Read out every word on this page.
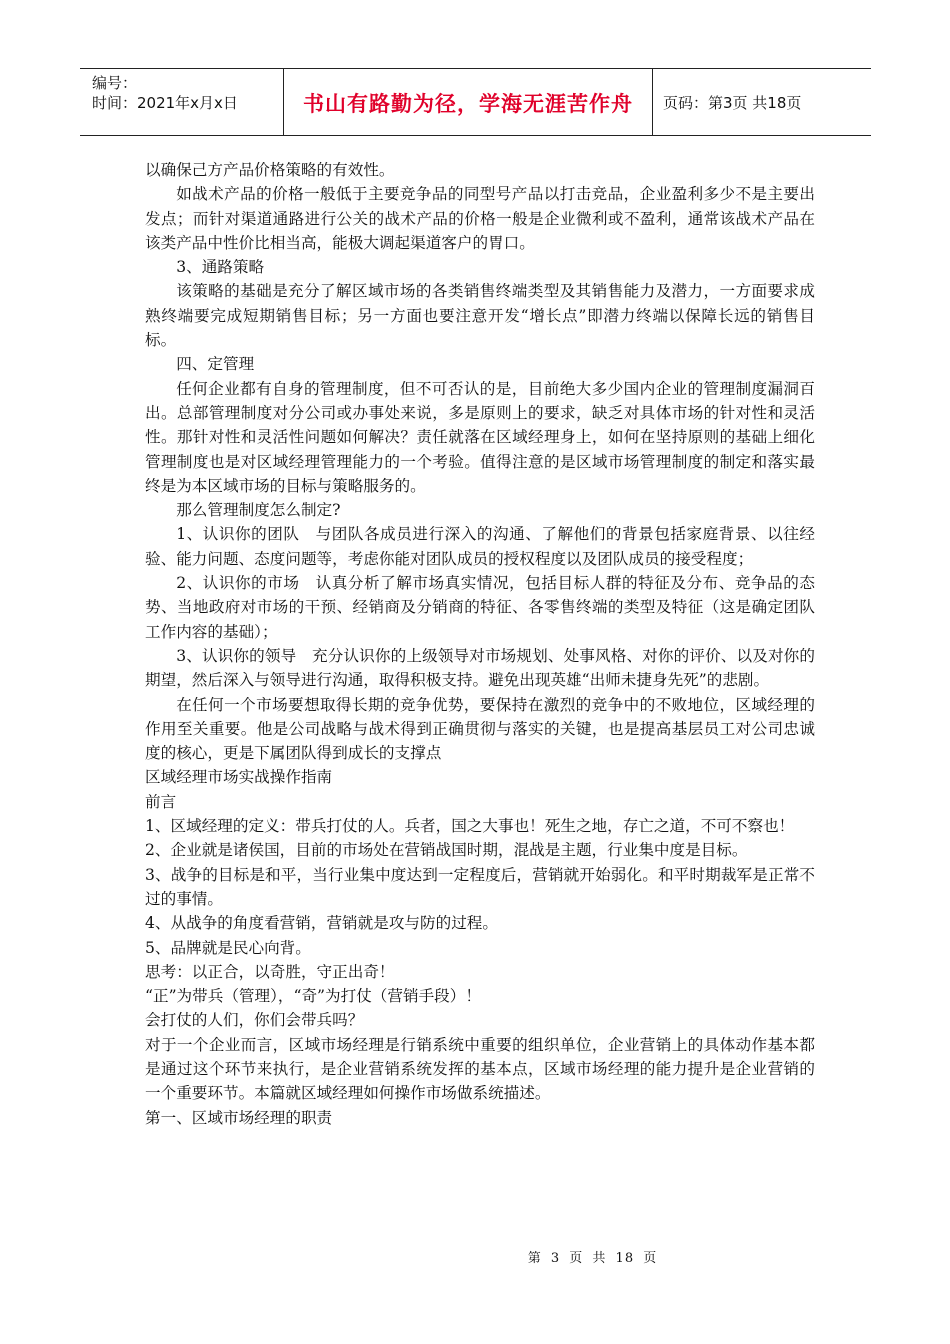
编号：
时间：2021年x月x日	书山有路勤为径，学海无涯苦作舟	页码：第3页 共18页

以确保己方产品价格策略的有效性。

如战术产品的价格一般低于主要竞争品的同型号产品以打击竞品，企业盈利多少不是主要出发点；而针对渠道通路进行公关的战术产品的价格一般是企业微利或不盈利，通常该战术产品在该类产品中性价比相当高，能极大调起渠道客户的胃口。

3、通路策略

该策略的基础是充分了解区域市场的各类销售终端类型及其销售能力及潜力，一方面要求成熟终端要完成短期销售目标；另一方面也要注意开发“增长点”即潜力终端以保障长远的销售目标。

四、定管理

任何企业都有自身的管理制度，但不可否认的是，目前绝大多少国内企业的管理制度漏洞百出。总部管理制度对分公司或办事处来说，多是原则上的要求，缺乏对具体市场的针对性和灵活性。那针对性和灵活性问题如何解决？责任就落在区域经理身上，如何在坚持原则的基础上细化管理制度也是对区域经理管理能力的一个考验。值得注意的是区域市场管理制度的制定和落实最终是为本区域市场的目标与策略服务的。

那么管理制度怎么制定?

1、认识你的团队　与团队各成员进行深入的沟通、了解他们的背景包括家庭背景、以往经验、能力问题、态度问题等，考虑你能对团队成员的授权程度以及团队成员的接受程度；

2、认识你的市场　认真分析了解市场真实情况，包括目标人群的特征及分布、竞争品的态势、当地政府对市场的干预、经销商及分销商的特征、各零售终端的类型及特征（这是确定团队工作内容的基础）；

3、认识你的领导　充分认识你的上级领导对市场规划、处事风格、对你的评价、以及对你的期望，然后深入与领导进行沟通，取得积极支持。避免出现英雄“出师未捷身先死”的悲剧。

在任何一个市场要想取得长期的竞争优势，要保持在激烈的竞争中的不败地位，区域经理的作用至关重要。他是公司战略与战术得到正确贯彻与落实的关键，也是提高基层员工对公司忠诚度的核心，更是下属团队得到成长的支撑点

区域经理市场实战操作指南

前言

1、区域经理的定义：带兵打仗的人。兵者，国之大事也！死生之地，存亡之道，不可不察也！

2、企业就是诸侯国，目前的市场处在营销战国时期，混战是主题，行业集中度是目标。

3、战争的目标是和平，当行业集中度达到一定程度后，营销就开始弱化。和平时期裁军是正常不过的事情。

4、从战争的角度看营销，营销就是攻与防的过程。

5、品牌就是民心向背。

思考：以正合，以奇胜，守正出奇！

“正”为带兵（管理），“奇”为打仗（营销手段）！

会打仗的人们，你们会带兵吗？

对于一个企业而言，区域市场经理是行销系统中重要的组织单位，企业营销上的具体动作基本都是通过这个环节来执行，是企业营销系统发挥的基本点，区域市场经理的能力提升是企业营销的一个重要环节。本篇就区域经理如何操作市场做系统描述。

第一、区域市场经理的职责

第 3 页 共 18 页
